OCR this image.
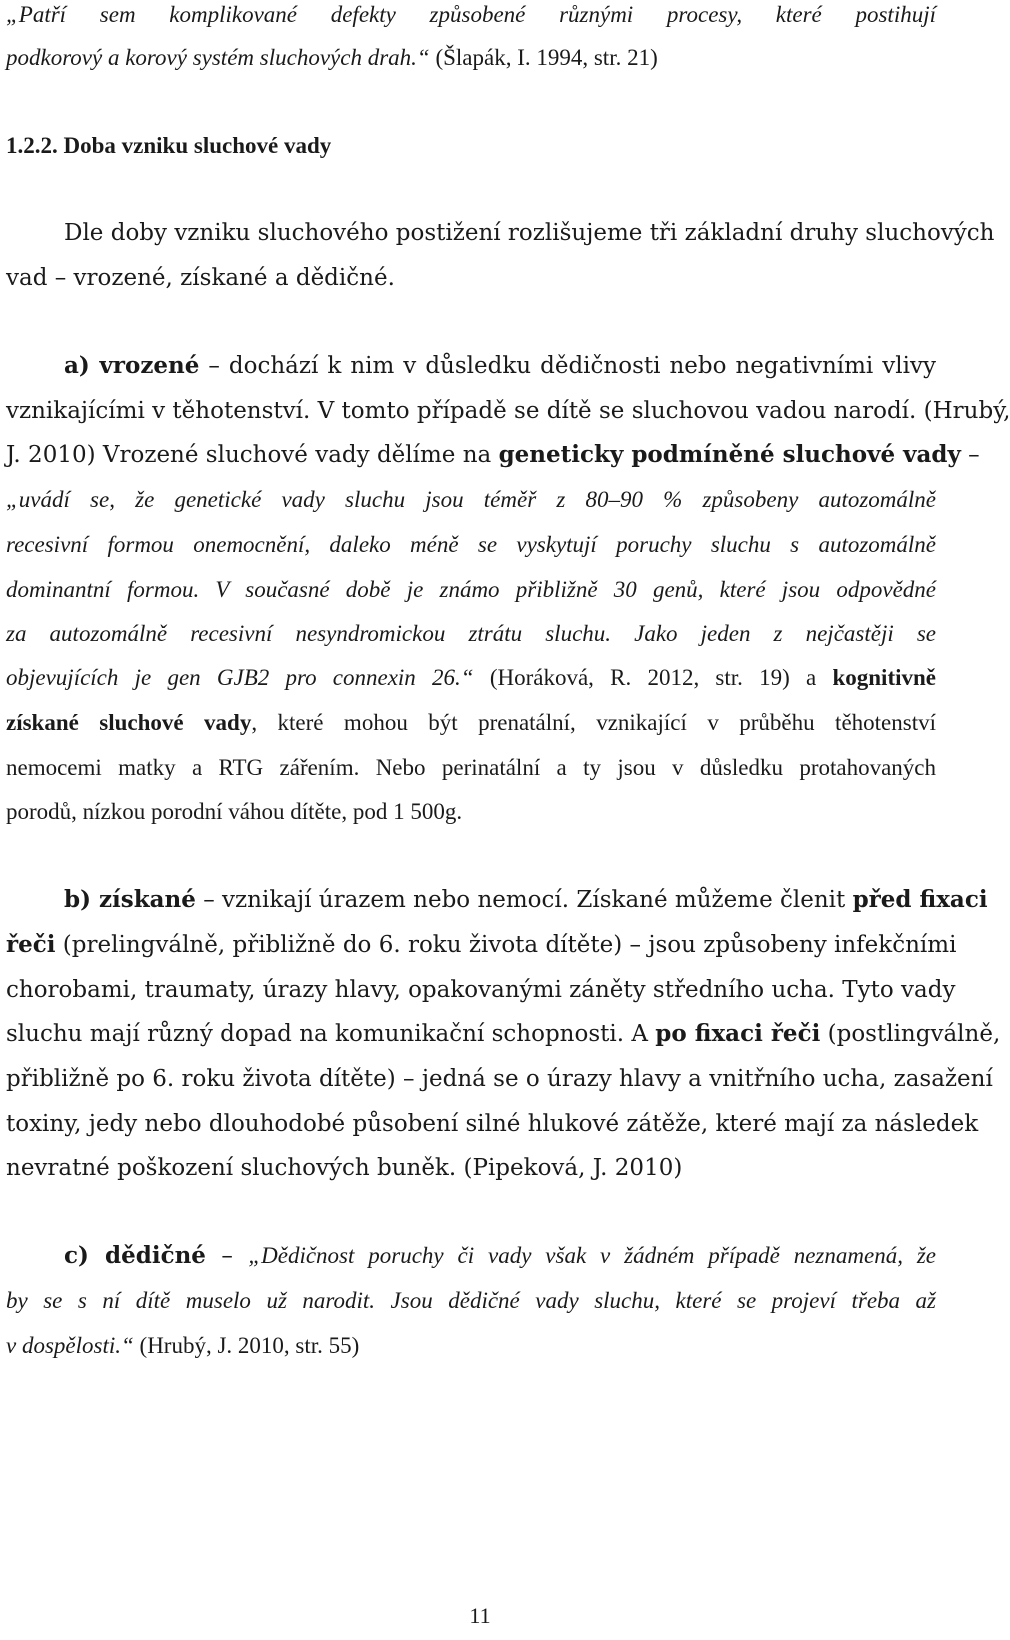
„Patří sem komplikované defekty způsobené různými procesy, které postihují
podkorový a korový systém sluchových drah.“ (Šlapák, I. 1994, str. 21)
1.2.2. Doba vzniku sluchové vady
Dle doby vzniku sluchového postižení rozlišujeme tři základní druhy sluchových
vad – vrozené, získané a dědičné.
a) vrozené – dochází k nim v důsledku dědičnosti nebo negativními vlivy
vznikajícími v těhotenství. V tomto případě se dítě se sluchovou vadou narodí. (Hrubý,
J. 2010) Vrozené sluchové vady dělíme na geneticky podmíněné sluchové vady –
„uvádí se, že genetické vady sluchu jsou téměř z 80–90 % způsobeny autozomálně
recesivní formou onemocnění, daleko méně se vyskytují poruchy sluchu s autozomálně
dominantní formou. V současné době je známo přibližně 30 genů, které jsou odpovědné
za autozomálně recesivní nesyndromickou ztrátu sluchu. Jako jeden z nejčastěji se
objevujících je gen GJB2 pro connexin 26.“ (Horáková, R. 2012, str. 19) a kognitivně
získané sluchové vady, které mohou být prenatální, vznikající v průběhu těhotenství
nemocemi matky a RTG zářením. Nebo perinatální a ty jsou v důsledku protahovaných
porodů, nízkou porodní váhou dítěte, pod 1 500g.
b) získané – vznikají úrazem nebo nemocí. Získané můžeme členit před fixaci
řeči (prelingválně, přibližně do 6. roku života dítěte) – jsou způsobeny infekčními
chorobami, traumaty, úrazy hlavy, opakovanými záněty středního ucha. Tyto vady
sluchu mají různý dopad na komunikační schopnosti. A po fixaci řeči (postlingválně,
přibližně po 6. roku života dítěte) – jedná se o úrazy hlavy a vnitřního ucha, zasažení
toxiny, jedy nebo dlouhodobé působení silné hlukové zátěže, které mají za následek
nevratné poškození sluchových buněk. (Pipeková, J. 2010)
c) dědičné – „Dědičnost poruchy či vady však v žádném případě neznamená, že
by se s ní dítě muselo už narodit. Jsou dědičné vady sluchu, které se projeví třeba až
v dospělosti.“ (Hrubý, J. 2010, str. 55)
11
